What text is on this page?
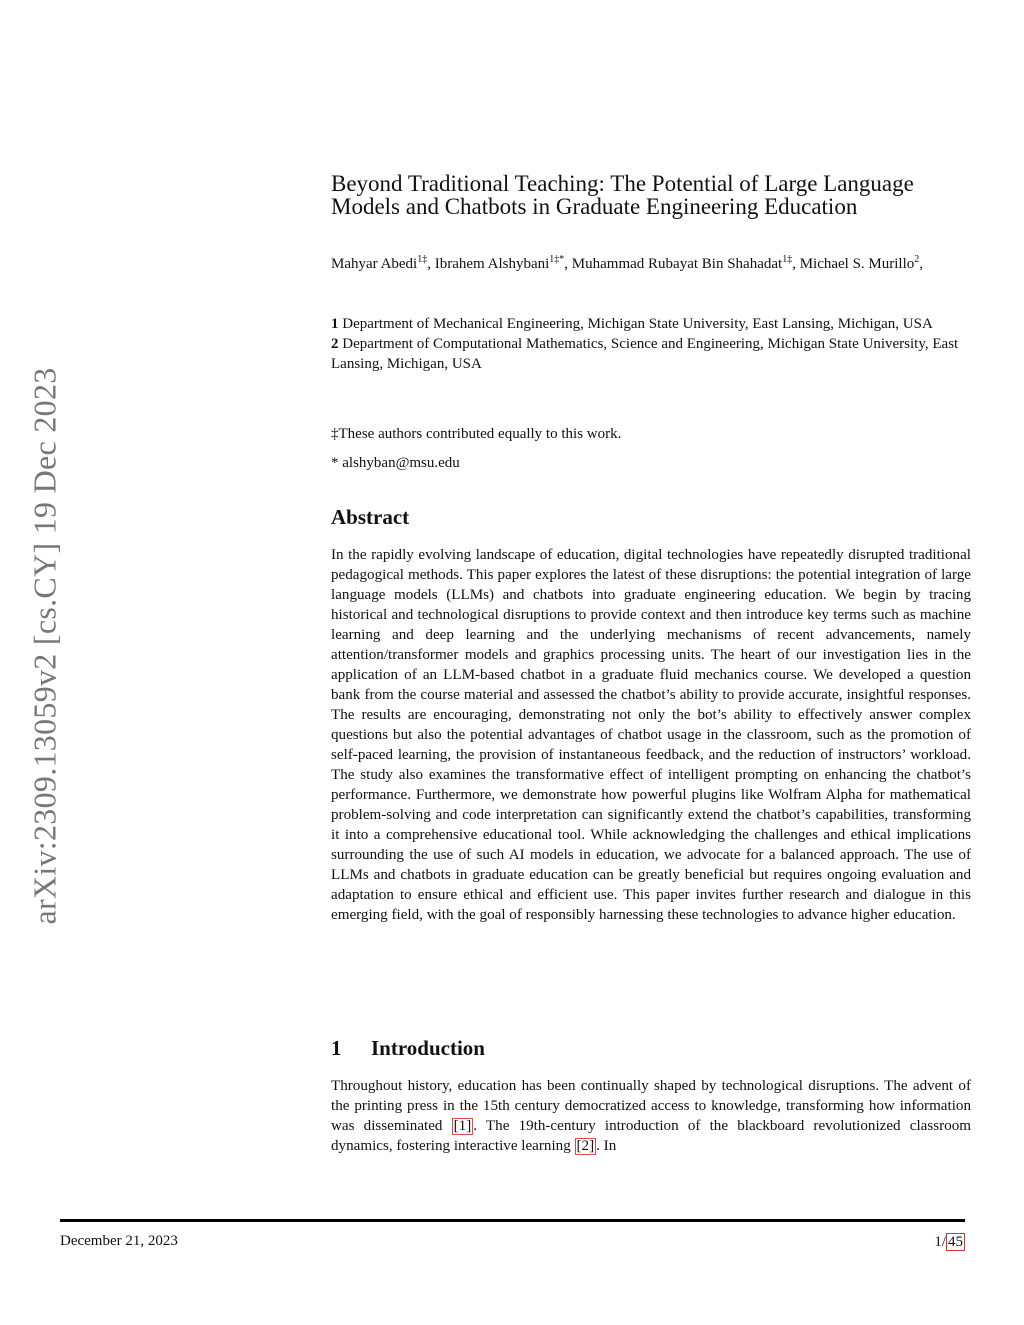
arXiv:2309.13059v2 [cs.CY] 19 Dec 2023
Beyond Traditional Teaching: The Potential of Large Language Models and Chatbots in Graduate Engineering Education
Mahyar Abedi$^{1\ddagger}$, Ibrahem Alshybani$^{1\ddagger*}$, Muhammad Rubayat Bin Shahadat$^{1\ddagger}$, Michael S. Murillo$^2$,
1 Department of Mechanical Engineering, Michigan State University, East Lansing, Michigan, USA
2 Department of Computational Mathematics, Science and Engineering, Michigan State University, East Lansing, Michigan, USA
‡These authors contributed equally to this work.
* alshyban@msu.edu
Abstract
In the rapidly evolving landscape of education, digital technologies have repeatedly disrupted traditional pedagogical methods. This paper explores the latest of these disruptions: the potential integration of large language models (LLMs) and chatbots into graduate engineering education. We begin by tracing historical and technological disruptions to provide context and then introduce key terms such as machine learning and deep learning and the underlying mechanisms of recent advancements, namely attention/transformer models and graphics processing units. The heart of our investigation lies in the application of an LLM-based chatbot in a graduate fluid mechanics course. We developed a question bank from the course material and assessed the chatbot’s ability to provide accurate, insightful responses. The results are encouraging, demonstrating not only the bot’s ability to effectively answer complex questions but also the potential advantages of chatbot usage in the classroom, such as the promotion of self-paced learning, the provision of instantaneous feedback, and the reduction of instructors’ workload. The study also examines the transformative effect of intelligent prompting on enhancing the chatbot’s performance. Furthermore, we demonstrate how powerful plugins like Wolfram Alpha for mathematical problem-solving and code interpretation can significantly extend the chatbot’s capabilities, transforming it into a comprehensive educational tool. While acknowledging the challenges and ethical implications surrounding the use of such AI models in education, we advocate for a balanced approach. The use of LLMs and chatbots in graduate education can be greatly beneficial but requires ongoing evaluation and adaptation to ensure ethical and efficient use. This paper invites further research and dialogue in this emerging field, with the goal of responsibly harnessing these technologies to advance higher education.
1 Introduction
Throughout history, education has been continually shaped by technological disruptions. The advent of the printing press in the 15th century democratized access to knowledge, transforming how information was disseminated [1] . The 19th-century introduction of the blackboard revolutionized classroom dynamics, fostering interactive learning [2] . In
December 21, 2023	1/ 45
